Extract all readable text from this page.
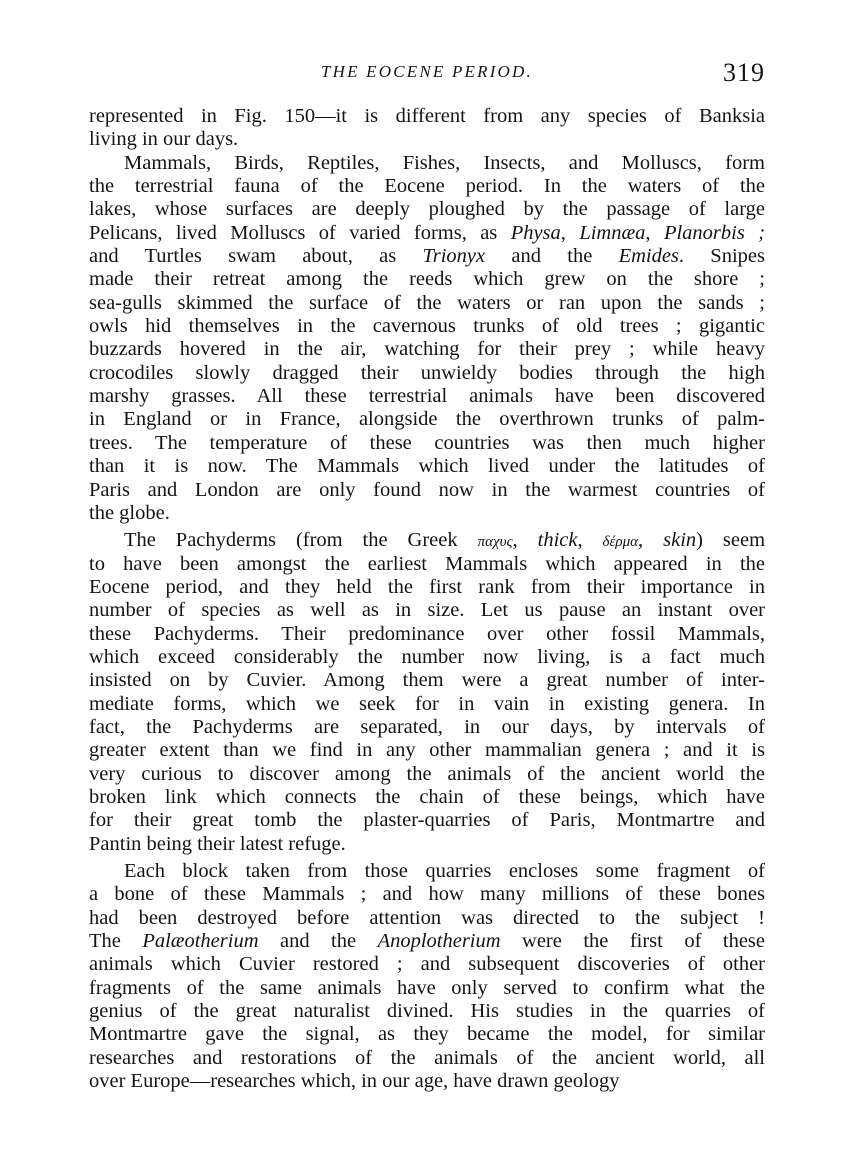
THE EOCENE PERIOD.	319
represented in Fig. 150—it is different from any species of Banksia
living in our days.
Mammals, Birds, Reptiles, Fishes, Insects, and Molluscs, form
the terrestrial fauna of the Eocene period. In the waters of the
lakes, whose surfaces are deeply ploughed by the passage of large
Pelicans, lived Molluscs of varied forms, as Physa, Limnæa, Planorbis ;
and Turtles swam about, as Trionyx and the Emides. Snipes
made their retreat among the reeds which grew on the shore ;
sea-gulls skimmed the surface of the waters or ran upon the sands ;
owls hid themselves in the cavernous trunks of old trees ; gigantic
buzzards hovered in the air, watching for their prey ; while heavy
crocodiles slowly dragged their unwieldy bodies through the high
marshy grasses. All these terrestrial animals have been discovered
in England or in France, alongside the overthrown trunks of palm-
trees. The temperature of these countries was then much higher
than it is now. The Mammals which lived under the latitudes of
Paris and London are only found now in the warmest countries of
the globe.
The Pachyderms (from the Greek παχυς, thick, δέρμα, skin) seem
to have been amongst the earliest Mammals which appeared in the
Eocene period, and they held the first rank from their importance in
number of species as well as in size. Let us pause an instant over
these Pachyderms. Their predominance over other fossil Mammals,
which exceed considerably the number now living, is a fact much
insisted on by Cuvier. Among them were a great number of inter-
mediate forms, which we seek for in vain in existing genera. In
fact, the Pachyderms are separated, in our days, by intervals of
greater extent than we find in any other mammalian genera ; and it is
very curious to discover among the animals of the ancient world the
broken link which connects the chain of these beings, which have
for their great tomb the plaster-quarries of Paris, Montmartre and
Pantin being their latest refuge.
Each block taken from those quarries encloses some fragment of
a bone of these Mammals ; and how many millions of these bones
had been destroyed before attention was directed to the subject !
The Palæotherium and the Anoplotherium were the first of these
animals which Cuvier restored ; and subsequent discoveries of other
fragments of the same animals have only served to confirm what the
genius of the great naturalist divined. His studies in the quarries of
Montmartre gave the signal, as they became the model, for similar
researches and restorations of the animals of the ancient world, all
over Europe—researches which, in our age, have drawn geology
